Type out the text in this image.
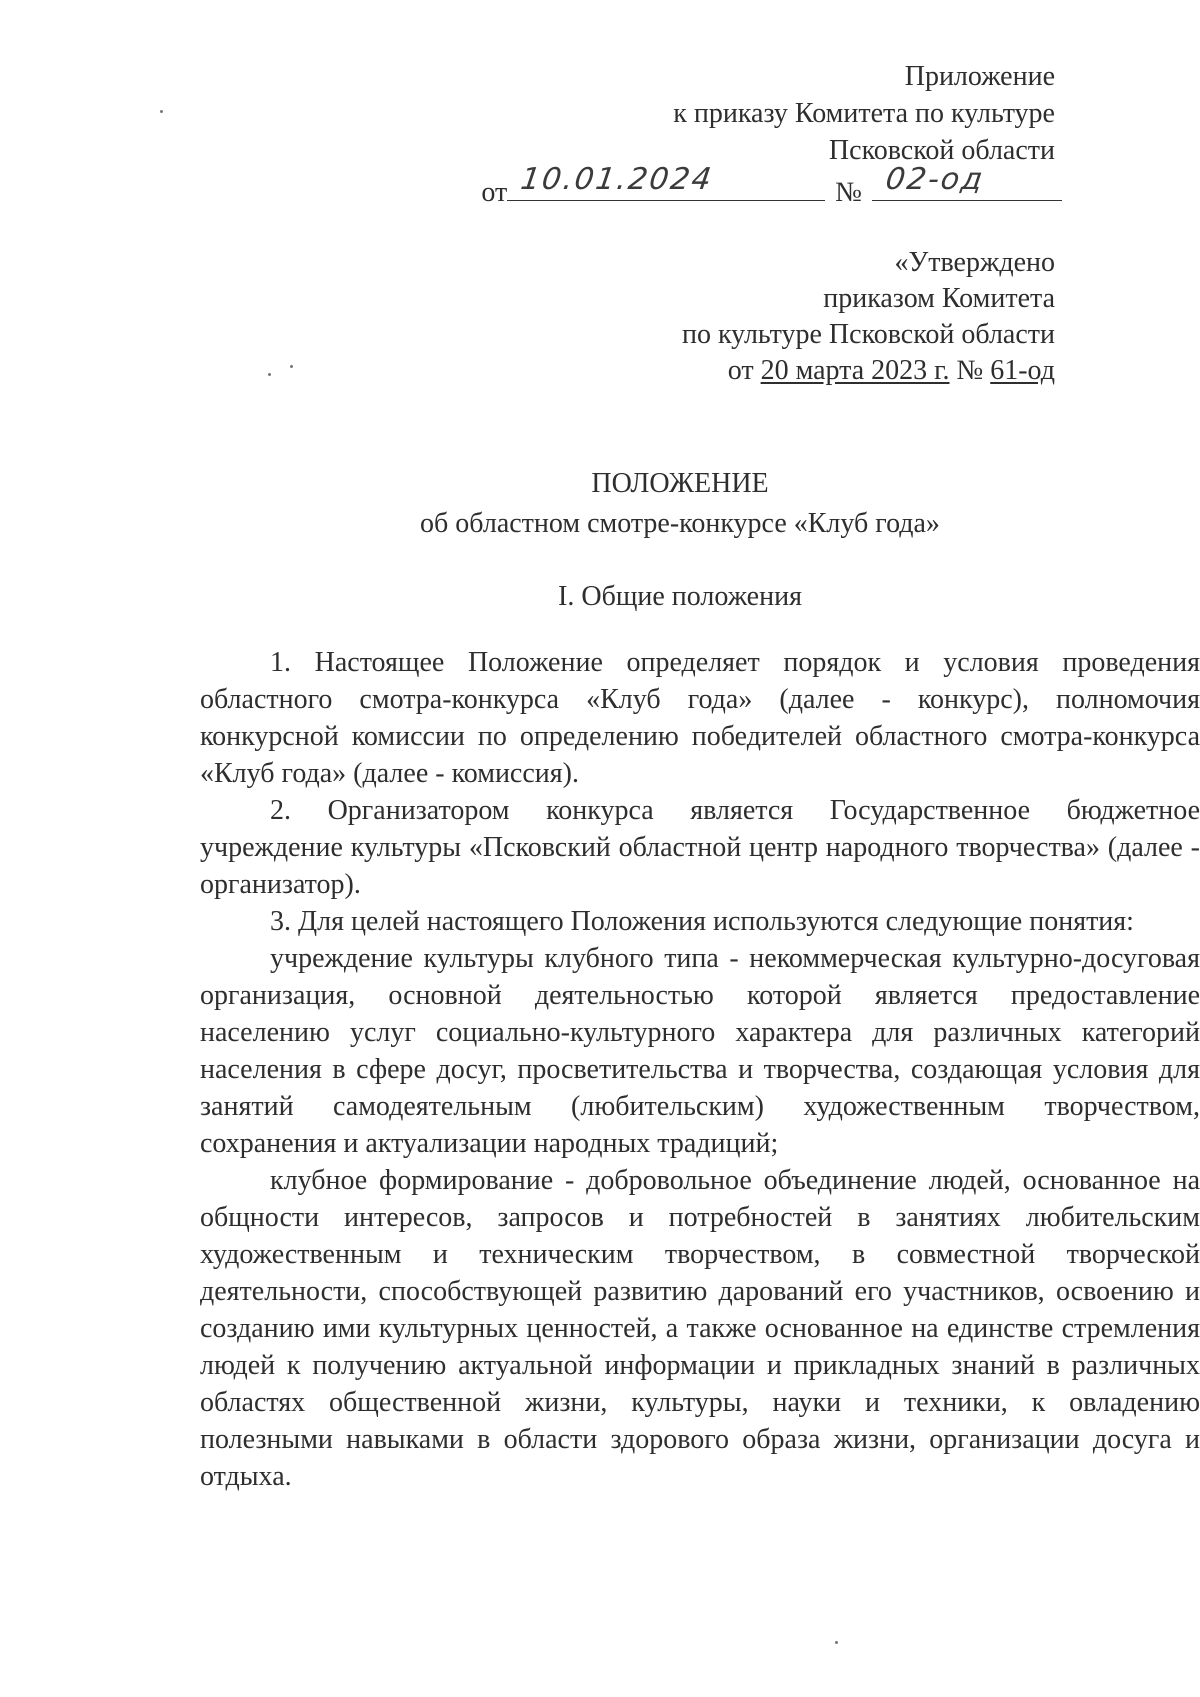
Приложение
к приказу Комитета по культуре
Псковской области
от 10.01.2024	№ 02-од
«Утверждено
приказом Комитета
по культуре Псковской области
от 20 марта 2023 г. № 61-од
ПОЛОЖЕНИЕ
об областном смотре-конкурсе «Клуб года»
I. Общие положения

1. Настоящее Положение определяет порядок и условия проведения областного смотра-конкурса «Клуб года» (далее - конкурс), полномочия конкурсной комиссии по определению победителей областного смотра-конкурса «Клуб года» (далее - комиссия).

2. Организатором конкурса является Государственное бюджетное учреждение культуры «Псковский областной центр народного творчества» (далее - организатор).

3. Для целей настоящего Положения используются следующие понятия:

учреждение культуры клубного типа - некоммерческая культурно-досуговая организация, основной деятельностью которой является предоставление населению услуг социально-культурного характера для различных категорий населения в сфере досуг, просветительства и творчества, создающая условия для занятий самодеятельным (любительским) художественным творчеством, сохранения и актуализации народных традиций;

клубное формирование - добровольное объединение людей, основанное на общности интересов, запросов и потребностей в занятиях любительским художественным и техническим творчеством, в совместной творческой деятельности, способствующей развитию дарований его участников, освоению и созданию ими культурных ценностей, а также основанное на единстве стремления людей к получению актуальной информации и прикладных знаний в различных областях общественной жизни, культуры, науки и техники, к овладению полезными навыками в области здорового образа жизни, организации досуга и отдыха.
